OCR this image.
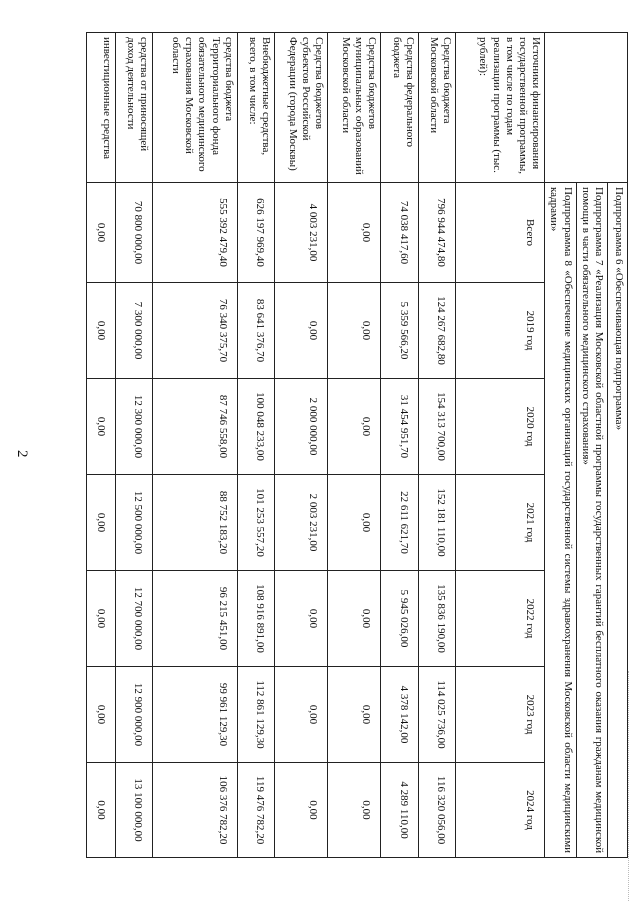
2
	Подпрограмма 6 «Обеспечивающая подпрограмма»						
	Подпрограмма 7 «Реализация Московской областной программы государственных гарантий бесплатного оказания гражданам медицинской помощи в части обязательного медицинского страхования»						
	Подпрограмма 8 «Обеспечение медицинских организаций государственной системы здравоохранения Московской области медицинскими кадрами»						
Источники финансирования государственной программы, в том числе по годам реализации программы (тыс. рублей):	Всего	2019 год	2020 год	2021 год	2022 год	2023 год	2024 год
Средства бюджета Московской области	796 944 474,80	124 267 682,80	154 313 700,00	152 181 110,00	135 836 190,00	114 025 736,00	116 320 056,00
Средства федерального бюджета	74 038 417,60	5 359 566,20	31 454 951,70	22 611 621,70	5 945 026,00	4 378 142,00	4 289 110,00
Средства бюджетов муниципальных образований Московской области	0,00	0,00	0,00	0,00	0,00	0,00	0,00
Средства бюджетов субъектов Российской Федерации (города Москвы)	4 003 231,00	0,00	2 000 000,00	2 003 231,00	0,00	0,00	0,00
Внебюджетные средства, всего, в том числе:	626 197 969,40	83 641 376,70	100 048 233,00	101 253 557,20	108 916 891,00	112 861 129,30	119 476 782,20
средства бюджета Территориального фонда обязательного медицинского страхования Московской области	555 392 479,40	76 340 375,70	87 746 558,00	88 752 183,20	96 215 451,00	99 961 129,30	106 376 782,20
средства от приносящей доход деятельности	70 800 000,00	7 300 000,00	12 300 000,00	12 500 000,00	12 700 000,00	12 900 000,00	13 100 000,00
инвестиционные средства	0,00	0,00	0,00	0,00	0,00	0,00	0,00
